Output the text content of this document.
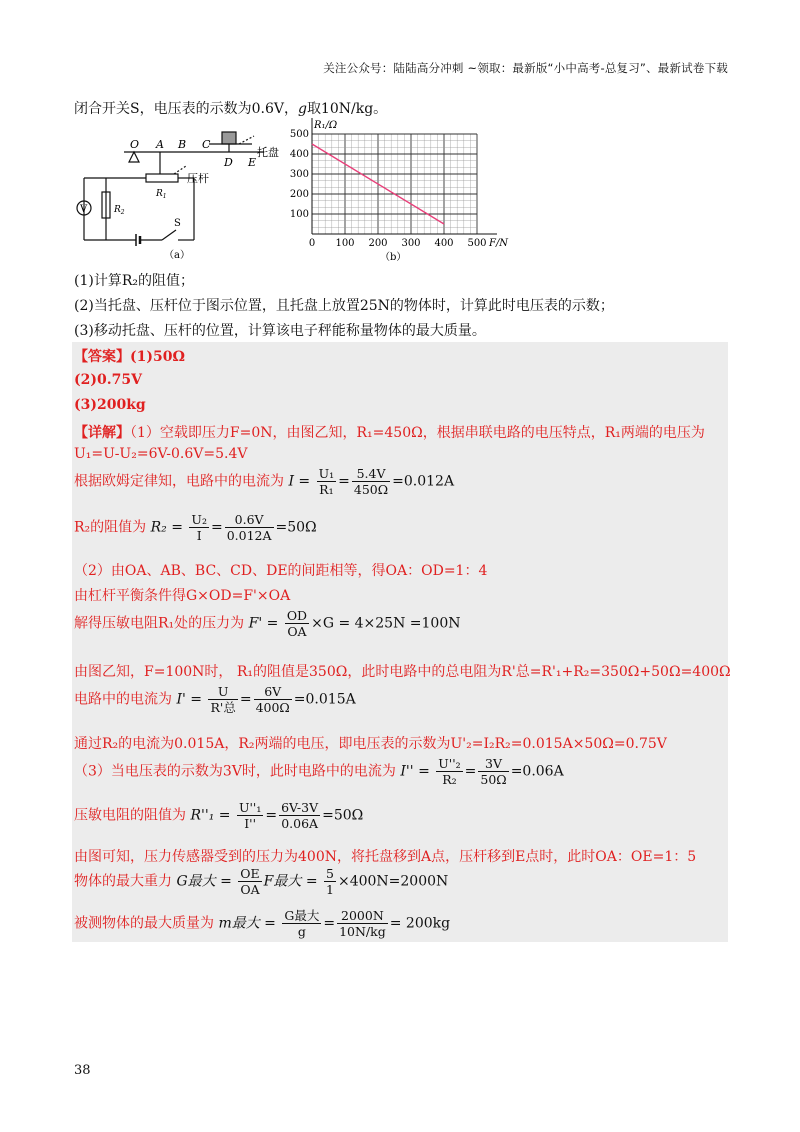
关注公众号：陆陆高分冲刺 ~领取：最新版“小中高考-总复习”、最新试卷下载
闭合开关S，电压表的示数为0.6V，g取10N/kg。
O A B C
D E
托盘
压杆
$R_1$
$R_2$
V
S
（a）
0 100 200 300 400 500
100
200
300
400
500
R₁/Ω
F/N
（b）
(1)计算R₂的阻值；
(2)当托盘、压杆位于图示位置，且托盘上放置25N的物体时，计算此时电压表的示数；
(3)移动托盘、压杆的位置，计算该电子秤能称量物体的最大质量。
【答案】(1)50Ω
(2)0.75V
(3)200kg
【详解】（1）空载即压力F=0N，由图乙知，R₁=450Ω，根据串联电路的电压特点，R₁两端的电压为
U₁=U-U₂=6V-0.6V=5.4V
根据欧姆定律知，电路中的电流为 $I = \frac{\text{U₁}}{\text{R₁}} = \frac{5.4V}{450\Omega} =0.012A$
R₂的阻值为 $R_2 = \frac{\text{U₂}}{I} = \frac{0.6V}{0.012A} =50\Omega$
（2）由OA、AB、BC、CD、DE的间距相等，得OA：OD=1：4
由杠杆平衡条件得G×OD=F'×OA
解得压敏电阻R₁处的压力为 $F' = \frac{OD}{OA} \times G = 4\times 25N =100N$
由图乙知，F=100N时， R₁的阻值是350Ω，此时电路中的总电阻为R'总=R'₁+R₂=350Ω+50Ω=400Ω
电路中的电流为 $I' = \frac{U}{\text{R'总}} = \frac{6V}{400\Omega} =0.015A$
通过R₂的电流为0.015A，R₂两端的电压，即电压表的示数为U'₂=I₂R₂=0.015A×50Ω=0.75V
（3）当电压表的示数为3V时，此时电路中的电流为 $I'' = \frac{\text{U''₂}}{\text{R₂}} = \frac{3V}{50\Omega} =0.06A$
压敏电阻的阻值为 $R''_1 = \frac{\text{U''₁}}{I''} = \frac{6V-3V}{0.06A} =50\Omega$
由图可知，压力传感器受到的压力为400N，将托盘移到A点，压杆移到E点时，此时OA：OE=1：5
物体的最大重力 G最大 = $\frac{OE}{OA}$ F最大 = $\frac{5}{1} \times 400N=2000N$
被测物体的最大质量为 m最大 = $\frac{\text{G最大}}{g} = \frac{2000N}{10N/kg} = 200kg$
38
